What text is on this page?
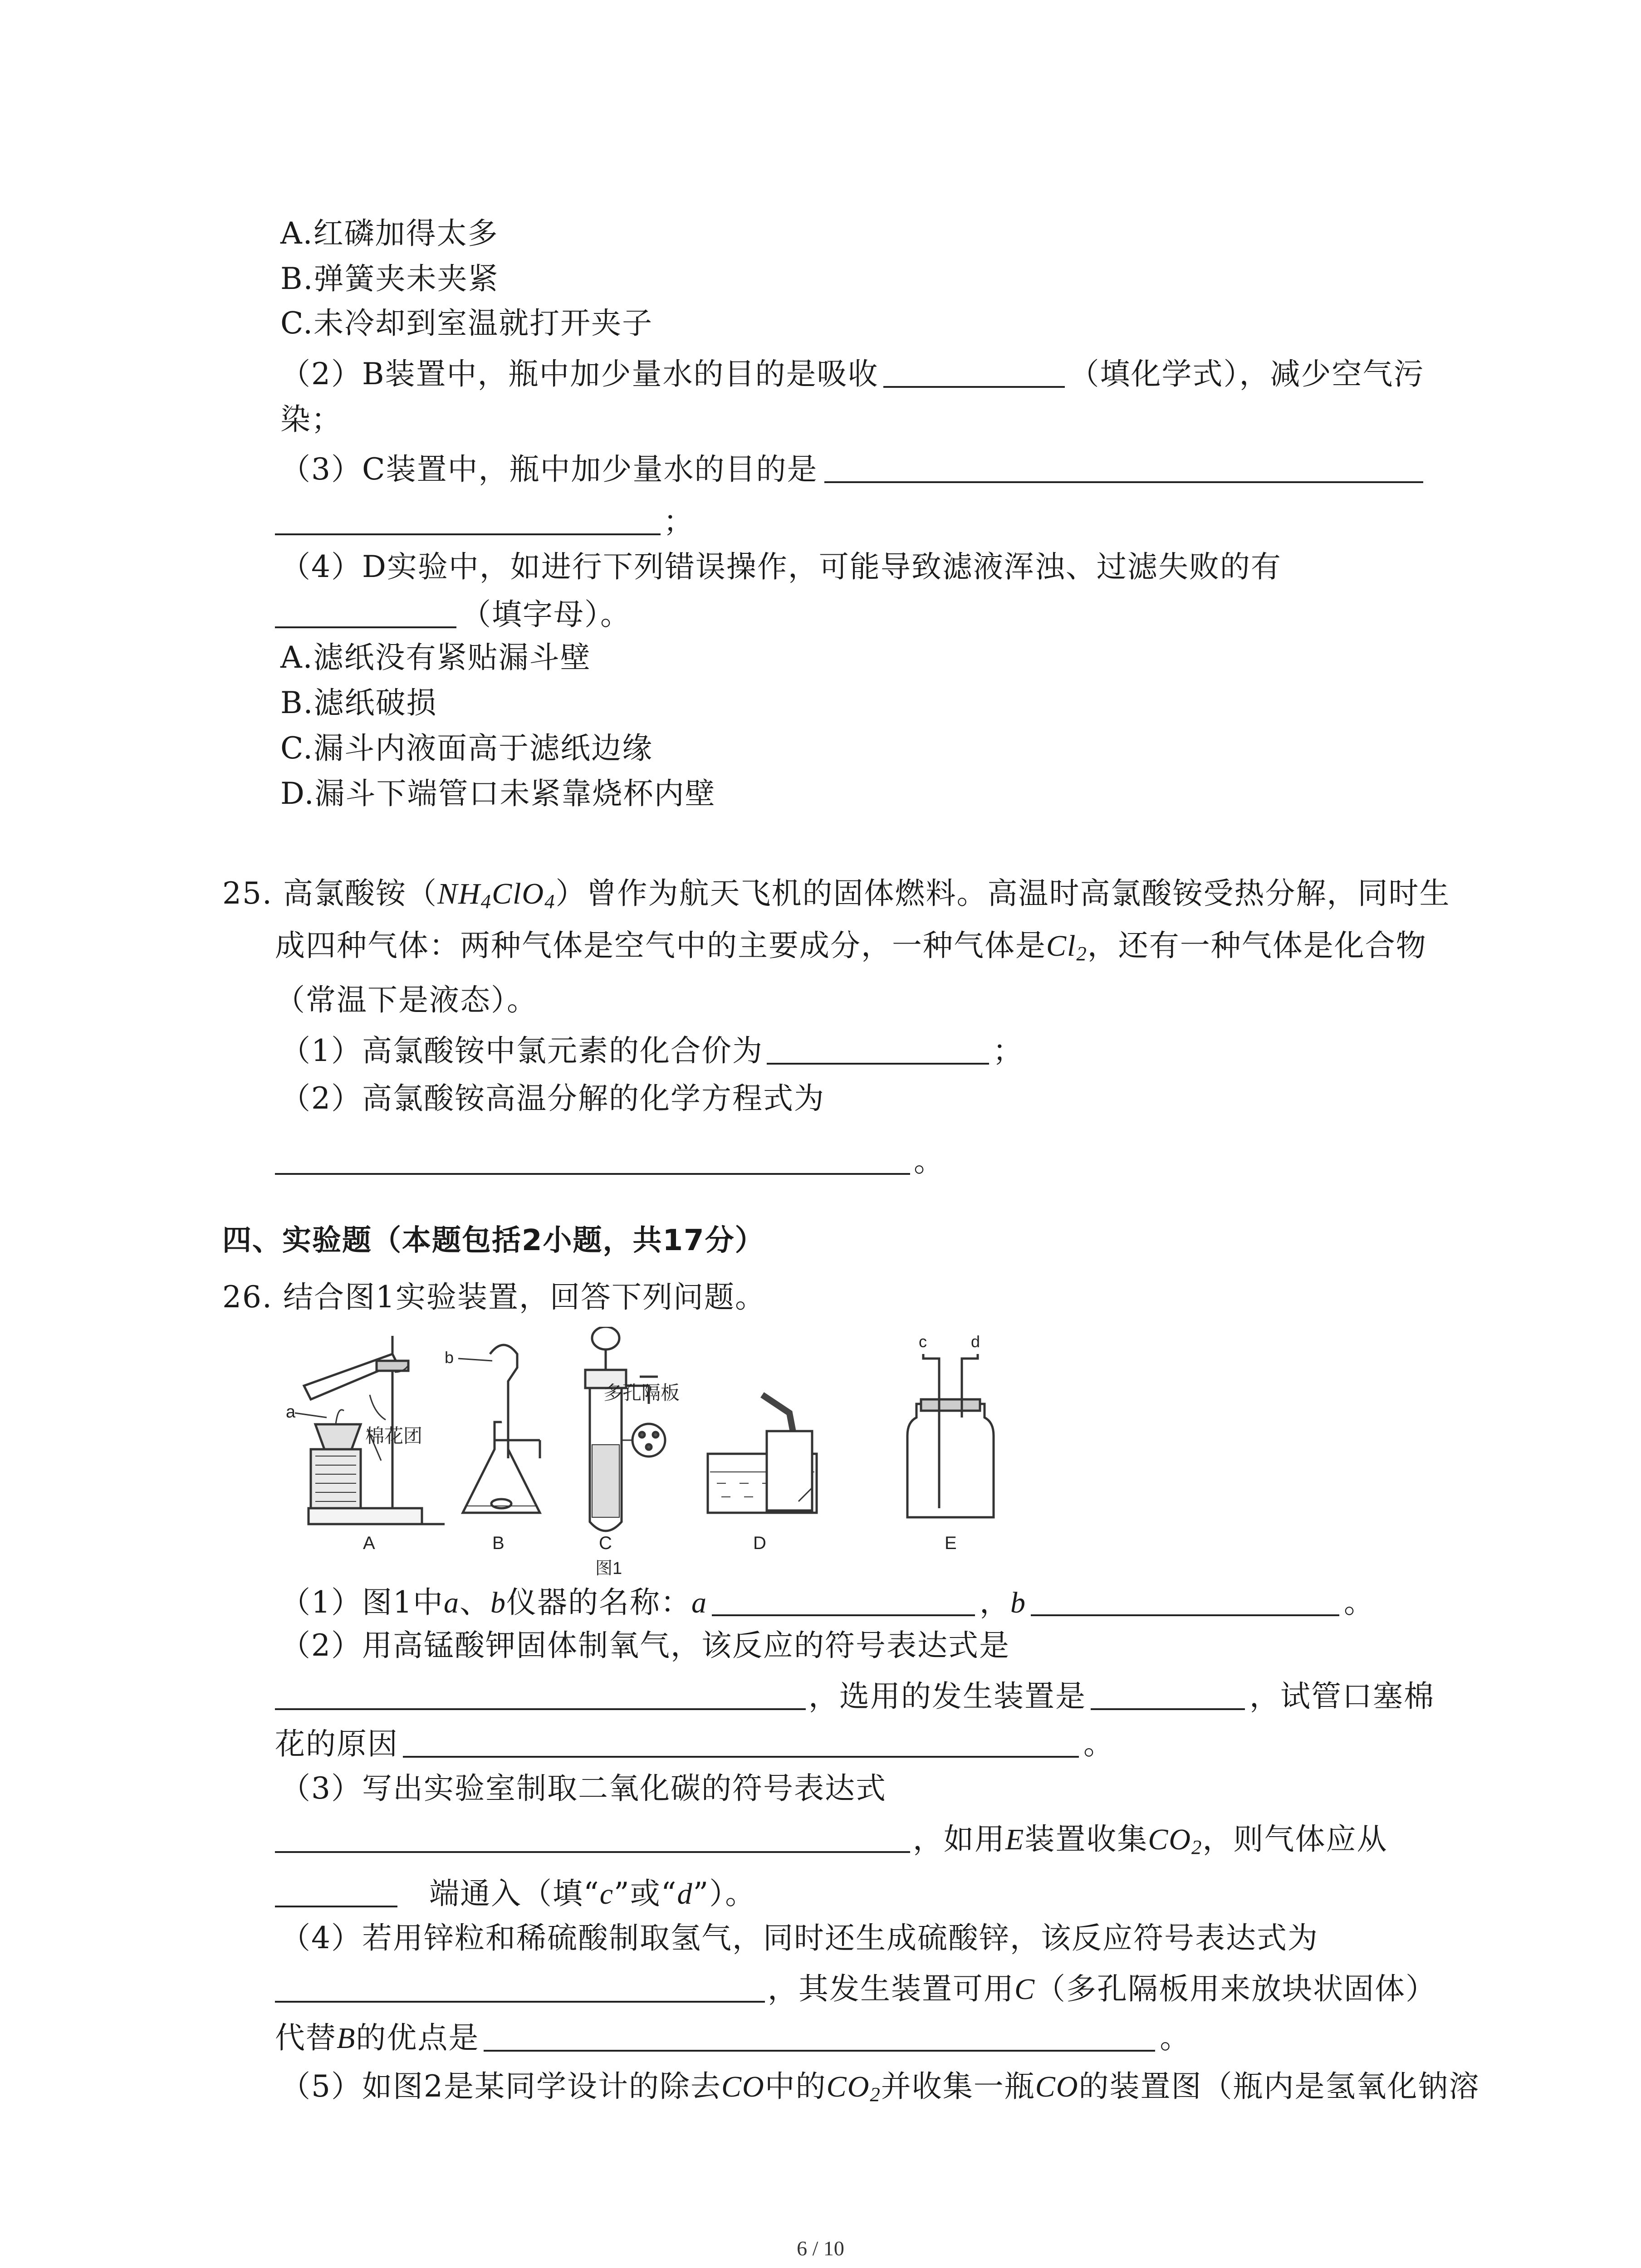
A.红磷加得太多
B.弹簧夹未夹紧
C.未冷却到室温就打开夹子
（2）B装置中，瓶中加少量水的目的是吸收	（填化学式），减少空气污
染；
（3）C装置中，瓶中加少量水的目的是
；
（4）D实验中，如进行下列错误操作，可能导致滤液浑浊、过滤失败的有
（填字母）。
A.滤纸没有紧贴漏斗壁
B.滤纸破损
C.漏斗内液面高于滤纸边缘
D.漏斗下端管口未紧靠烧杯内壁
25. 高氯酸铵$(NH_4ClO_4)$曾作为航天飞机的固体燃料。高温时高氯酸铵受热分解，同时生
成四种气体：两种气体是空气中的主要成分，一种气体是$Cl_2$，还有一种气体是化合物
（常温下是液态）。
（1）高氯酸铵中氯元素的化合价为	；
（2）高氯酸铵高温分解的化学方程式为
。
四、实验题（本题包括2小题，共17分）
26. 结合图1实验装置，回答下列问题。
a
棉花团
A
b
B
多孔隔板
C
图1
D
c	d
E
（1）图1中a、b仪器的名称：a	，b	。
（2）用高锰酸钾固体制氧气，该反应的符号表达式是
，选用的发生装置是	，试管口塞棉
花的原因	。
（3）写出实验室制取二氧化碳的符号表达式
，如用E装置收集$CO_2$，则气体应从
端通入（填“c”或“d”）。
（4）若用锌粒和稀硫酸制取氢气，同时还生成硫酸锌，该反应符号表达式为
，其发生装置可用C（多孔隔板用来放块状固体）
代替B的优点是	。
（5）如图2是某同学设计的除去CO中的$CO_2$并收集一瓶CO的装置图（瓶内是氢氧化钠溶
6 / 10
